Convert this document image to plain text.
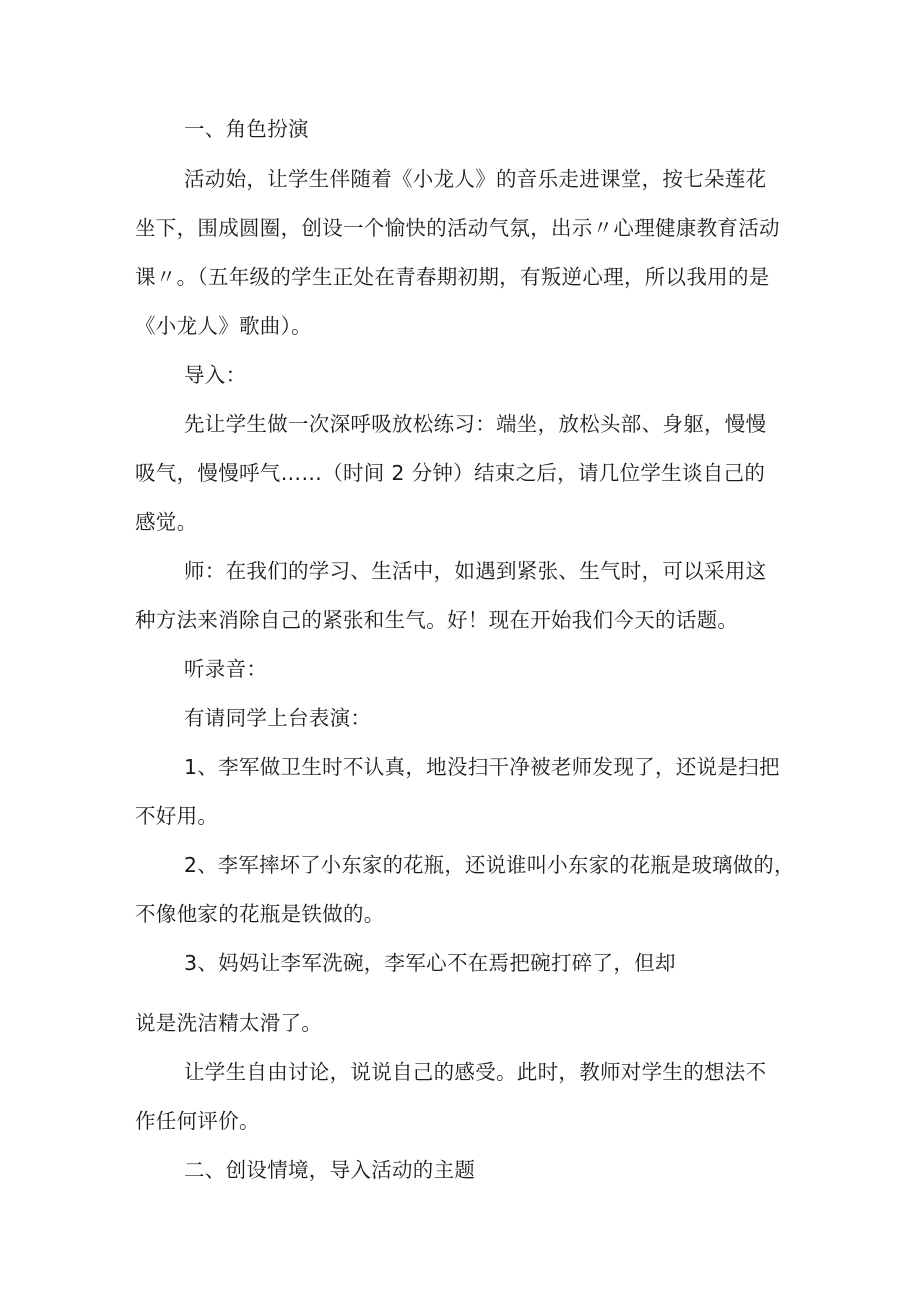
一、角色扮演
活动始，让学生伴随着《小龙人》的音乐走进课堂，按七朵莲花
坐下，围成圆圈，创设一个愉快的活动气氛，出示〃心理健康教育活动
课〃。（五年级的学生正处在青春期初期，有叛逆心理，所以我用的是
《小龙人》歌曲）。
导入：
先让学生做一次深呼吸放松练习：端坐，放松头部、身躯，慢慢
吸气，慢慢呼气……（时间 2 分钟）结束之后，请几位学生谈自己的
感觉。
师：在我们的学习、生活中，如遇到紧张、生气时，可以采用这
种方法来消除自己的紧张和生气。好！现在开始我们今天的话题。
听录音：
有请同学上台表演：
1、李军做卫生时不认真，地没扫干净被老师发现了，还说是扫把
不好用。
2、李军摔坏了小东家的花瓶，还说谁叫小东家的花瓶是玻璃做的，
不像他家的花瓶是铁做的。
3、妈妈让李军洗碗，李军心不在焉把碗打碎了，但却
说是洗洁精太滑了。
让学生自由讨论，说说自己的感受。此时，教师对学生的想法不
作任何评价。
二、创设情境，导入活动的主题
